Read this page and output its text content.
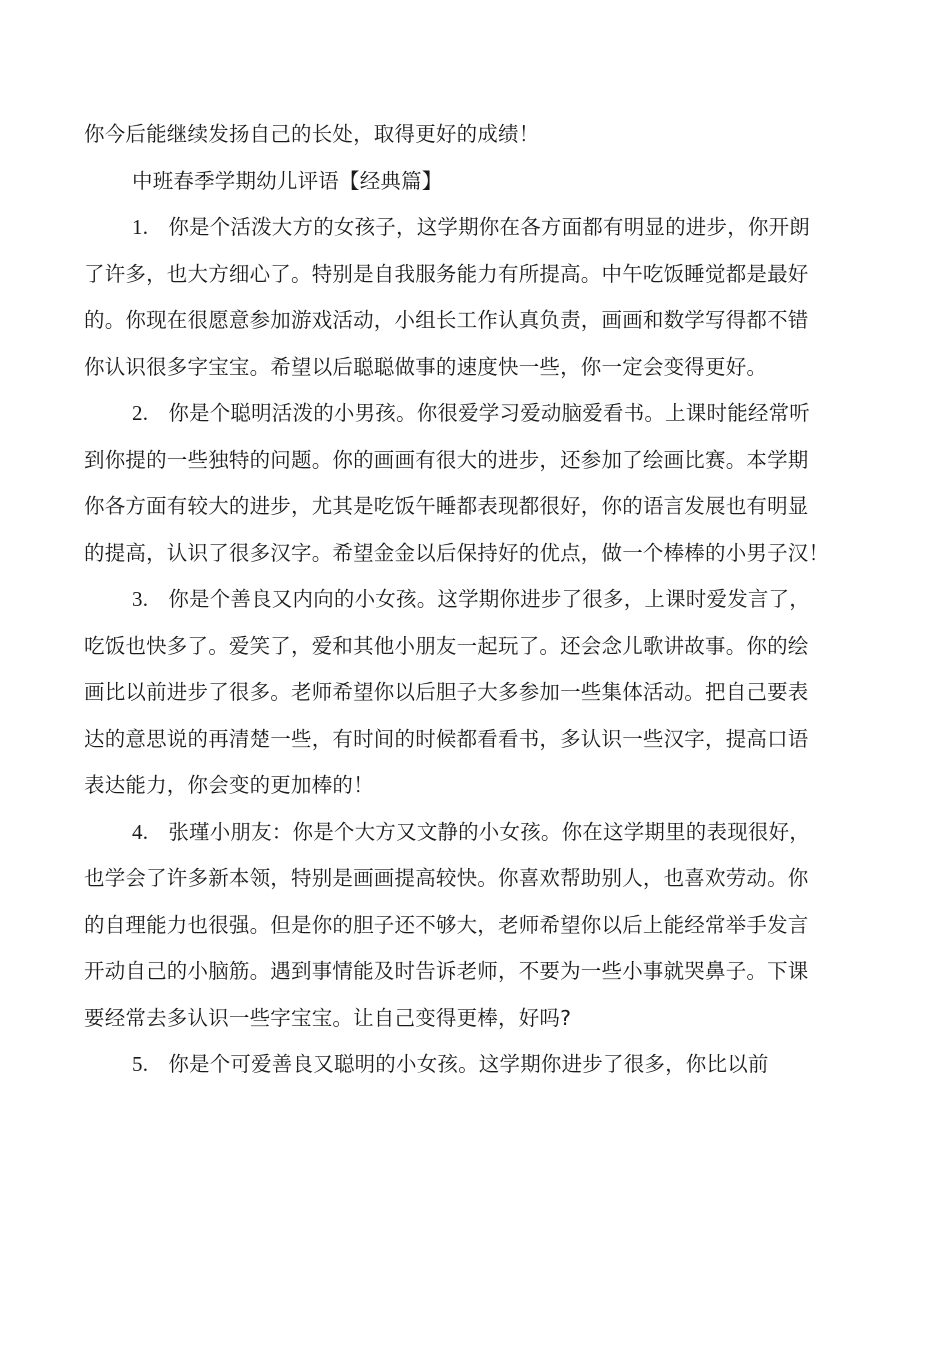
你今后能继续发扬自己的长处，取得更好的成绩！
中班春季学期幼儿评语【经典篇】
1. 你是个活泼大方的女孩子，这学期你在各方面都有明显的进步，你开朗
了许多，也大方细心了。特别是自我服务能力有所提高。中午吃饭睡觉都是最好
的。你现在很愿意参加游戏活动，小组长工作认真负责，画画和数学写得都不错
你认识很多字宝宝。希望以后聪聪做事的速度快一些，你一定会变得更好。
2. 你是个聪明活泼的小男孩。你很爱学习爱动脑爱看书。上课时能经常听
到你提的一些独特的问题。你的画画有很大的进步，还参加了绘画比赛。本学期
你各方面有较大的进步，尤其是吃饭午睡都表现都很好，你的语言发展也有明显
的提高，认识了很多汉字。希望金金以后保持好的优点，做一个棒棒的小男子汉！
3. 你是个善良又内向的小女孩。这学期你进步了很多，上课时爱发言了，
吃饭也快多了。爱笑了，爱和其他小朋友一起玩了。还会念儿歌讲故事。你的绘
画比以前进步了很多。老师希望你以后胆子大多参加一些集体活动。把自己要表
达的意思说的再清楚一些，有时间的时候都看看书，多认识一些汉字，提高口语
表达能力，你会变的更加棒的！
4. 张瑾小朋友：你是个大方又文静的小女孩。你在这学期里的表现很好，
也学会了许多新本领，特别是画画提高较快。你喜欢帮助别人，也喜欢劳动。你
的自理能力也很强。但是你的胆子还不够大，老师希望你以后上能经常举手发言
开动自己的小脑筋。遇到事情能及时告诉老师，不要为一些小事就哭鼻子。下课
要经常去多认识一些字宝宝。让自己变得更棒，好吗?
5. 你是个可爱善良又聪明的小女孩。这学期你进步了很多，你比以前
